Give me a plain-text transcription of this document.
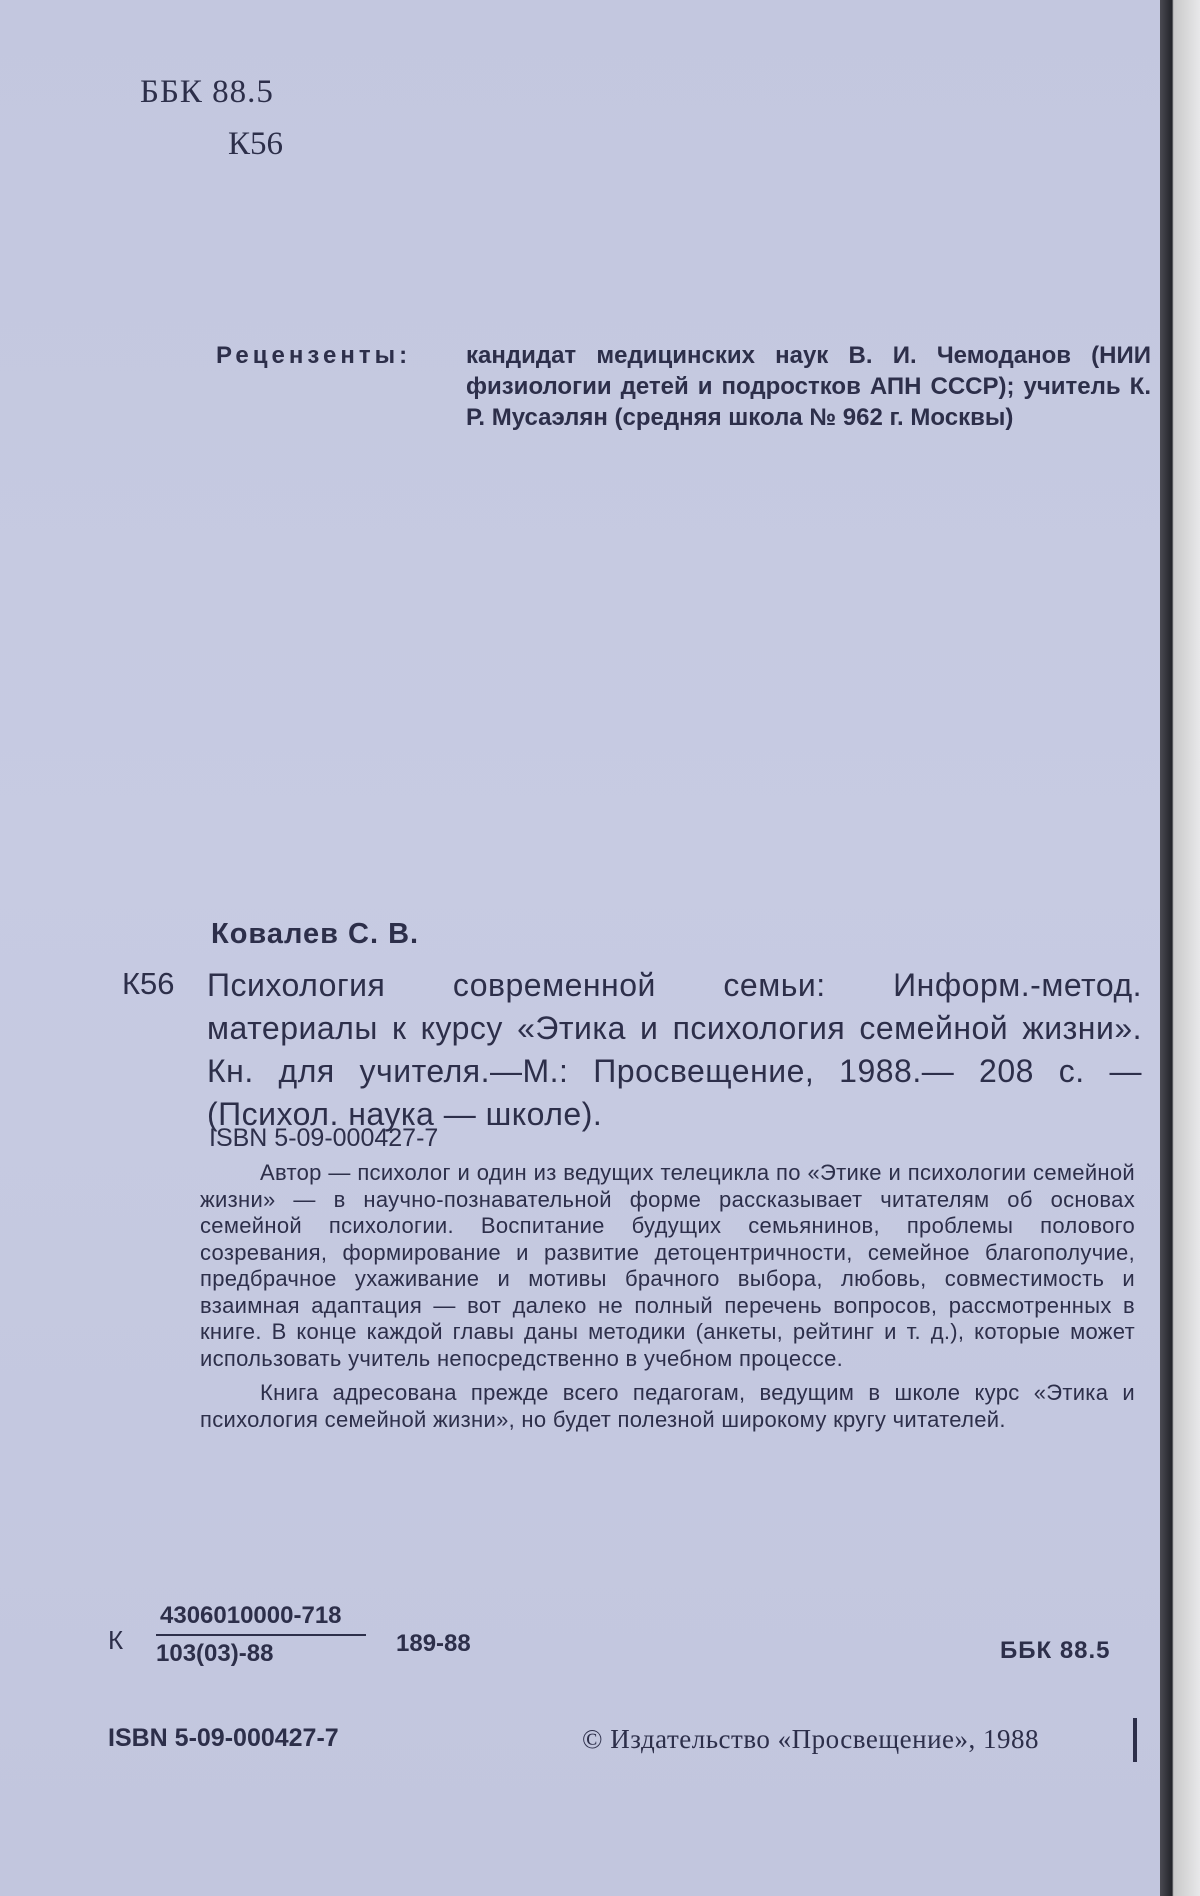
ББК 88.5
К56
Рецензенты: кандидат медицинских наук В. И. Чемоданов (НИИ физиологии детей и подростков АПН СССР); учитель К. Р. Мусаэлян (средняя школа № 962 г. Москвы)
Ковалев С. В.
К56 Психология современной семьи: Информ.-метод. материалы к курсу «Этика и психология семейной жизни». Кн. для учителя.—М.: Просвещение, 1988.— 208 с. — (Психол. наука — школе).
ISBN 5-09-000427-7

Автор — психолог и один из ведущих телецикла по «Этике и психологии семейной жизни» — в научно-познавательной форме рассказывает читателям об основах семейной психологии. Воспитание будущих семьянинов, проблемы полового созревания, формирование и развитие детоцентричности, семейное благополучие, предбрачное ухаживание и мотивы брачного выбора, любовь, совместимость и взаимная адаптация — вот далеко не полный перечень вопросов, рассмотренных в книге. В конце каждой главы даны методики (анкеты, рейтинг и т. д.), которые может использовать учитель непосредственно в учебном процессе.

Книга адресована прежде всего педагогам, ведущим в школе курс «Этика и психология семейной жизни», но будет полезной широкому кругу читателей.

К $\frac{4306010000-718}{103(03)-88} 189-88$	ББК 88.5
ISBN 5-09-000427-7	© Издательство «Просвещение», 1988
